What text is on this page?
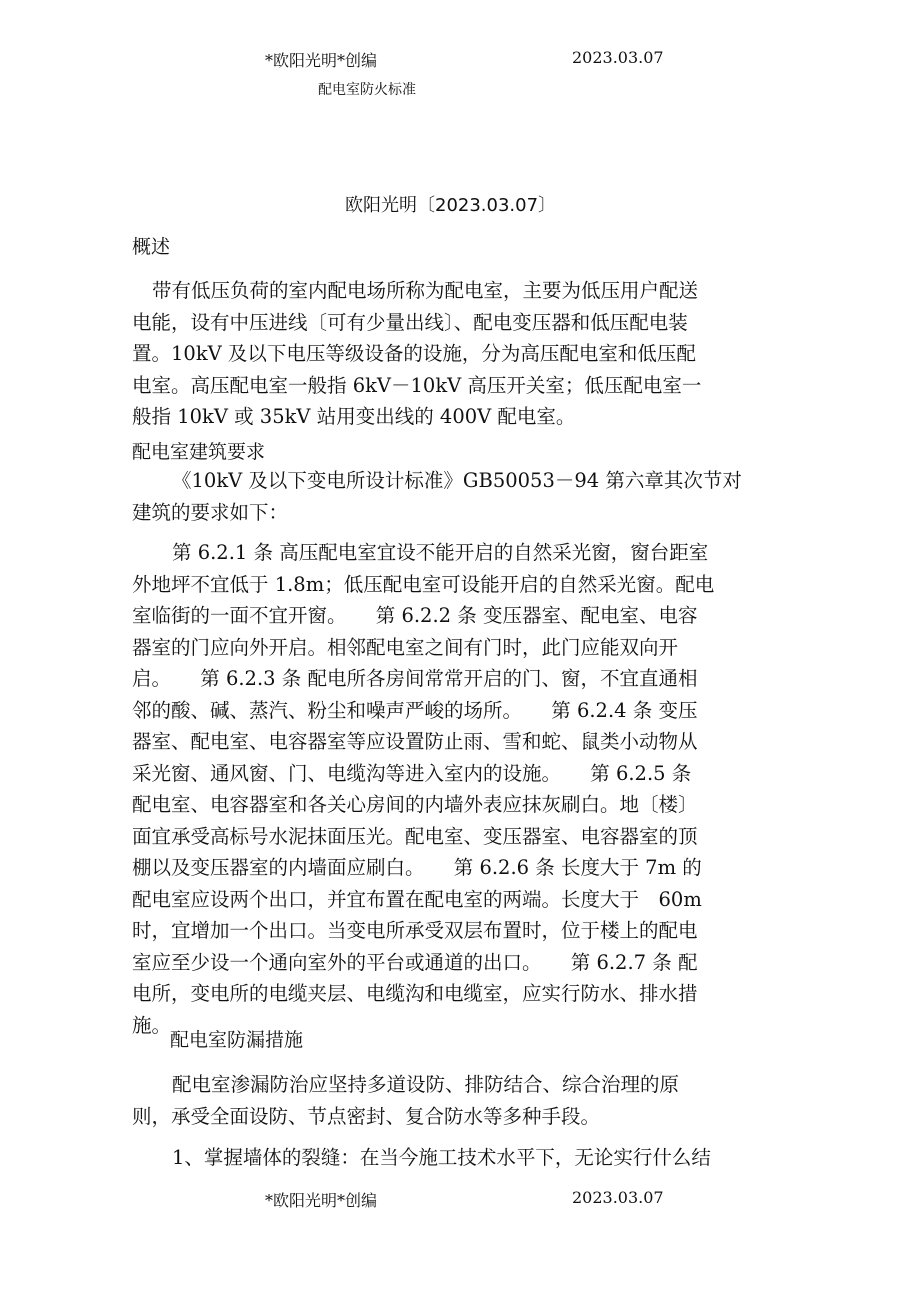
*欧阳光明*创编	2023.03.07
配电室防火标准
欧阳光明〔2023.03.07〕
概述
带有低压负荷的室内配电场所称为配电室，主要为低压用户配送
电能，设有中压进线〔可有少量出线〕、配电变压器和低压配电装
置。10kV 及以下电压等级设备的设施，分为高压配电室和低压配
电室。高压配电室一般指 6kV－10kV 高压开关室；低压配电室一
般指 10kV 或 35kV 站用变出线的 400V 配电室。
配电室建筑要求
《10kV 及以下变电所设计标准》GB50053－94 第六章其次节对
建筑的要求如下：
第 6.2.1 条 高压配电室宜设不能开启的自然采光窗，窗台距室
外地坪不宜低于 1.8m；低压配电室可设能开启的自然采光窗。配电
室临街的一面不宜开窗。　　第 6.2.2 条 变压器室、配电室、电容
器室的门应向外开启。相邻配电室之间有门时，此门应能双向开
启。　　第 6.2.3 条 配电所各房间常常开启的门、窗，不宜直通相
邻的酸、碱、蒸汽、粉尘和噪声严峻的场所。　　第 6.2.4 条 变压
器室、配电室、电容器室等应设置防止雨、雪和蛇、鼠类小动物从
采光窗、通风窗、门、电缆沟等进入室内的设施。　　第 6.2.5 条
配电室、电容器室和各关心房间的内墙外表应抹灰刷白。地〔楼〕
面宜承受高标号水泥抹面压光。配电室、变压器室、电容器室的顶
棚以及变压器室的内墙面应刷白。　　第 6.2.6 条 长度大于 7m 的
配电室应设两个出口，并宜布置在配电室的两端。长度大于　60m
时，宜增加一个出口。当变电所承受双层布置时，位于楼上的配电
室应至少设一个通向室外的平台或通道的出口。　　第 6.2.7 条 配
电所，变电所的电缆夹层、电缆沟和电缆室，应实行防水、排水措
施。
配电室防漏措施
配电室渗漏防治应坚持多道设防、排防结合、综合治理的原
则，承受全面设防、节点密封、复合防水等多种手段。
1、掌握墙体的裂缝：在当今施工技术水平下，无论实行什么结
*欧阳光明*创编	2023.03.07
